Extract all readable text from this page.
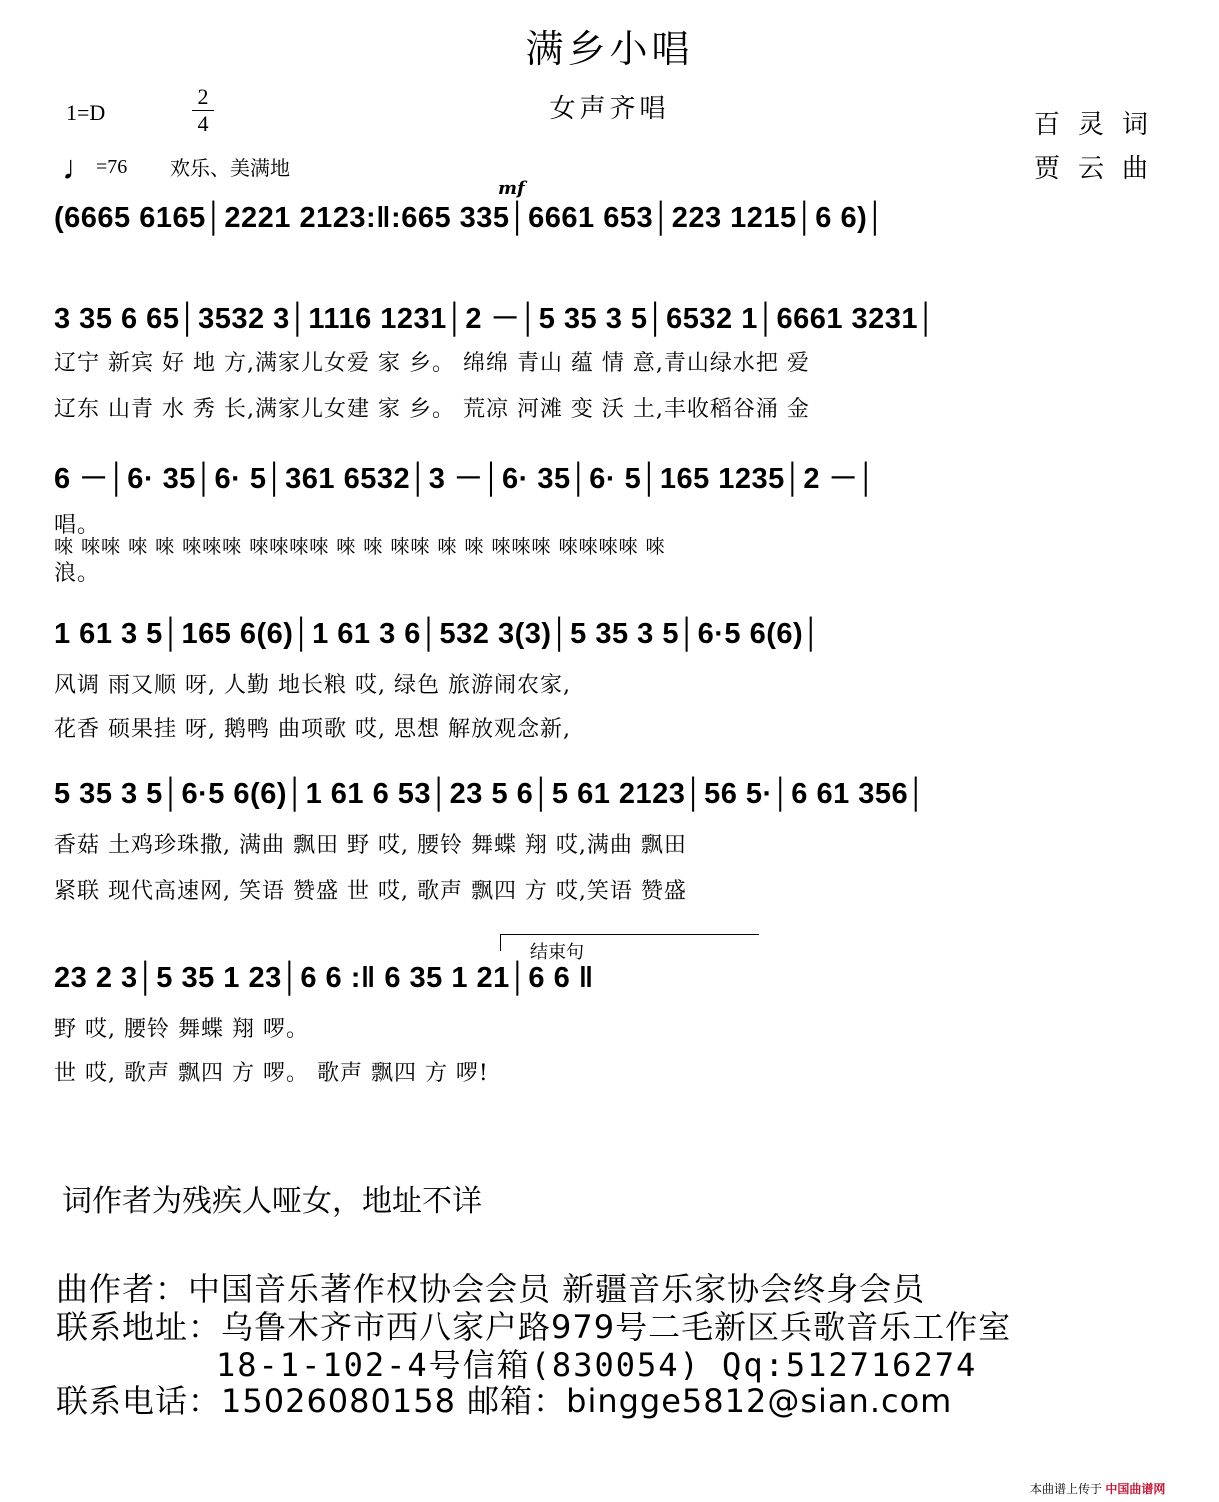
满乡小唱
女声齐唱
1=D
2
4
♩=76 欢乐、美满地
百灵词
贾云曲
mf
(6665 6165│2221 2123:‖:665 335│6661 653│223 1215│6 6)│
3 35 6 65│3532 3│1116 1231│2 －│5 35 3 5│6532 1│6661 3231│
辽宁 新宾 好 地 方,满家儿女爱 家 乡。 绵绵 青山 蕴 情 意,青山绿水把 爱
辽东 山青 水 秀 长,满家儿女建 家 乡。 荒凉 河滩 变 沃 土,丰收稻谷涌 金
6 －│6· 35│6· 5│361 6532│3 －│6· 35│6· 5│165 1235│2 －│
唱。
唻 唻唻 唻 唻 唻唻唻 唻唻唻唻 唻 唻 唻唻 唻 唻 唻唻唻 唻唻唻唻 唻
浪。
1 61 3 5│165 6(6)│1 61 3 6│532 3(3)│5 35 3 5│6·5 6(6)│
风调 雨又顺 呀, 人勤 地长粮 哎, 绿色 旅游闹农家,
花香 硕果挂 呀, 鹅鸭 曲项歌 哎, 思想 解放观念新,
5 35 3 5│6·5 6(6)│1 61 6 53│23 5 6│5 61 2123│56 5·│6 61 356│
香菇 土鸡珍珠撒, 满曲 飘田 野 哎, 腰铃 舞蝶 翔 哎,满曲 飘田
紧联 现代高速网, 笑语 赞盛 世 哎, 歌声 飘四 方 哎,笑语 赞盛
结束句
23 2 3│5 35 1 23│6 6 :‖ 6 35 1 21│6 6 ‖
野 哎, 腰铃 舞蝶 翔 啰。
世 哎, 歌声 飘四 方 啰。 歌声 飘四 方 啰!
词作者为残疾人哑女，地址不详
曲作者：中国音乐著作权协会会员 新疆音乐家协会终身会员
联系地址：乌鲁木齐市西八家户路979号二毛新区兵歌音乐工作室
18-1-102-4号信箱(830054) Qq:512716274
联系电话：15026080158 邮箱：bingge5812@sian.com
本曲谱上传于 中国曲谱网
